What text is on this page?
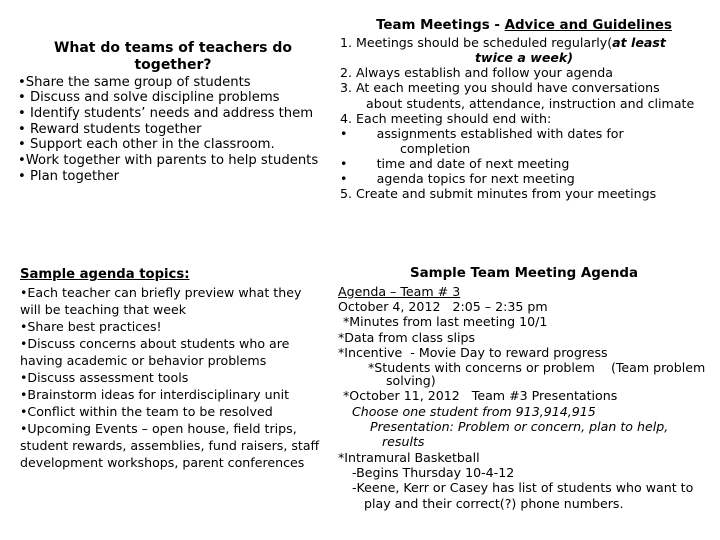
What do teams of teachers do together?
•Share the same group of students
• Discuss and solve discipline problems
• Identify students’ needs and address them
• Reward students together
• Support each other in the classroom.
•Work together with parents to help students
• Plan together
Team Meetings - Advice and Guidelines
1. Meetings should be scheduled regularly(at least
twice a week)
2. Always establish and follow your agenda
3. At each meeting you should have conversations
about students, attendance, instruction and climate
4. Each meeting should end with:
•   assignments established with dates for
completion
•   time and date of next meeting
•   agenda topics for next meeting
5. Create and submit minutes from your meetings
Sample agenda topics:
•Each teacher can briefly preview what they will be teaching that week
•Share best practices!
•Discuss concerns about students who are having academic or behavior problems
•Discuss assessment tools
•Brainstorm ideas for interdisciplinary unit
•Conflict within the team to be resolved
•Upcoming Events – open house, field trips, student rewards, assemblies, fund raisers, staff development workshops, parent conferences
Sample Team Meeting Agenda
Agenda – Team # 3
October 4, 2012   2:05 – 2:35 pm
*Minutes from last meeting 10/1
*Data from class slips
*Incentive  - Movie Day to reward progress
*Students with concerns or problem    (Team problem solving)
*October 11, 2012   Team #3 Presentations
Choose one student from 913,914,915
Presentation: Problem or concern, plan to help, results
*Intramural Basketball
-Begins Thursday 10-4-12
-Keene, Kerr or Casey has list of students who want to play and their correct(?) phone numbers.
